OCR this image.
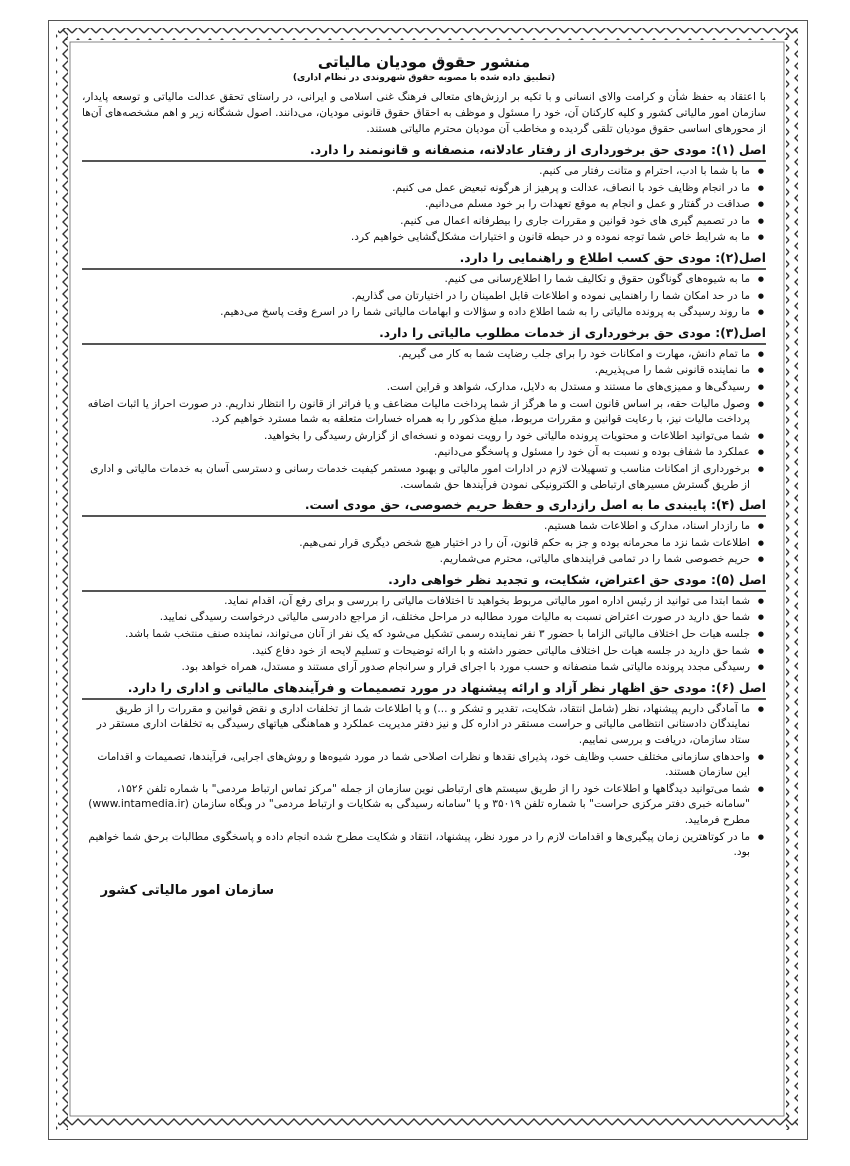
منشور حقوق مودیان مالیاتی

(تطبیق داده شده با مصوبه حقوق شهروندی در نظام اداری)

با اعتقاد به حفظ شأن و کرامت والای انسانی و با تکیه بر ارزش‌های متعالی فرهنگ غنی اسلامی و ایرانی، در راستای تحقق عدالت مالیاتی و توسعه پایدار، سازمان امور مالیاتی کشور و کلیه کارکنان آن، خود را مسئول و موظف به احقاق حقوق قانونی مودیان، می‌دانند. اصول ششگانه زیر و اهم مشخصه‌های آن‌ها از محورهای اساسی حقوق مودیان تلقی گردیده و مخاطب آن مودیان محترم مالیاتی هستند.

اصل (۱): مودی حق برخورداری از رفتار عادلانه، منصفانه و قانونمند را دارد.
● ما با شما با ادب، احترام و متانت رفتار می کنیم.
● ما در انجام وظایف خود با انصاف، عدالت و پرهیز از هرگونه تبعیض عمل می کنیم.
● صداقت در گفتار و عمل و انجام به موقع تعهدات را بر خود مسلم می‌دانیم.
● ما در تصمیم گیری های خود قوانین و مقررات جاری را بیطرفانه اعمال می کنیم.
● ما به شرایط خاص شما توجه نموده و در حیطه قانون و اختیارات مشکل‌گشایی خواهیم کرد.
اصل(۲): مودی حق کسب اطلاع و راهنمایی را دارد.
● ما به شیوه‌های گوناگون حقوق و تکالیف شما را اطلاع‌رسانی می کنیم.
● ما در حد امکان شما را راهنمایی نموده و اطلاعات قابل اطمینان را در اختیارتان می گذاریم.
● ما روند رسیدگی به پرونده مالیاتی را به شما اطلاع داده و سؤالات و ابهامات مالیاتی شما را در اسرع وقت پاسخ می‌دهیم.
اصل(۳): مودی حق برخورداری از خدمات مطلوب مالیاتی را دارد.
● ما تمام دانش، مهارت و امکانات خود را برای جلب رضایت شما به کار می گیریم.
● ما نماینده قانونی شما را می‌پذیریم.
● رسیدگی‌ها و ممیزی‌های ما مستند و مستدل به دلایل، مدارک، شواهد و قراین است.
● وصول مالیات حقه، بر اساس قانون است و ما هرگز از شما پرداخت مالیات مضاعف و یا فراتر از قانون را انتظار نداریم. در صورت احراز یا اثبات اضافه پرداخت مالیات نیز، با رعایت قوانین و مقررات مربوط، مبلغ مذکور را به همراه خسارات متعلقه به شما مسترد خواهیم کرد.
● شما می‌توانید اطلاعات و محتویات پرونده مالیاتی خود را رویت نموده و نسخه‌ای از گزارش رسیدگی را بخواهید.
● عملکرد ما شفاف بوده و نسبت به آن خود را مسئول و پاسخگو می‌دانیم.
● برخورداری از امکانات مناسب و تسهیلات لازم در ادارات امور مالیاتی و بهبود مستمر کیفیت خدمات رسانی و دسترسی آسان به خدمات مالیاتی و اداری از طریق گسترش مسیرهای ارتباطی و الکترونیکی نمودن فرآیندها حق شماست.
اصل (۴): پایبندی ما به اصل رازداری و حفظ حریم خصوصی، حق مودی است.
● ما رازدار اسناد، مدارک و اطلاعات شما هستیم.
● اطلاعات شما نزد ما محرمانه بوده و جز به حکم قانون، آن را در اختیار هیچ شخص دیگری قرار نمی‌هیم.
● حریم خصوصی شما را در تمامی فرایندهای مالیاتی، محترم می‌شماریم.
اصل (۵): مودی حق اعتراض، شکایت، و تجدید نظر خواهی دارد.
● شما ابتدا می توانید از رئیس اداره امور مالیاتی مربوط بخواهید تا اختلافات مالیاتی را بررسی و برای رفع آن، اقدام نماید.
● شما حق دارید در صورت اعتراض نسبت به مالیات مورد مطالبه در مراحل مختلف، از مراجع دادرسی مالیاتی درخواست رسیدگی نمایید.
● جلسه هیات حل اختلاف مالیاتی الزاما با حضور ۳ نفر نماینده رسمی تشکیل می‌شود که یک نفر از آنان می‌تواند، نماینده صنف منتخب شما باشد.
● شما حق دارید در جلسه هیات حل اختلاف مالیاتی حضور داشته و با ارائه توضیحات و تسلیم لایحه از خود دفاع کنید.
● رسیدگی مجدد پرونده مالیاتی شما منصفانه و حسب مورد با اجرای قرار و سرانجام صدور آرای مستند و مستدل، همراه خواهد بود.
اصل (۶): مودی حق اظهار نظر آزاد و ارائه پیشنهاد در مورد تصمیمات و فرآیندهای مالیاتی و اداری را دارد.
● ما آمادگی داریم پیشنهاد، نظر (شامل انتقاد، شکایت، تقدیر و تشکر و ...) و یا اطلاعات شما از تخلفات اداری و نقض قوانین و مقررات را از طریق نمایندگان دادستانی انتظامی مالیاتی و حراست مستقر در اداره کل و نیز دفتر مدیریت عملکرد و هماهنگی هیاتهای رسیدگی به تخلفات اداری مستقر در ستاد سازمان، دریافت و بررسی نماییم.
● واحدهای سازمانی مختلف حسب وظایف خود، پذیرای نقدها و نظرات اصلاحی شما در مورد شیوه‌ها و روش‌های اجرایی، فرآیندها، تصمیمات و اقدامات این سازمان هستند.
● شما می‌توانید دیدگاهها و اطلاعات خود را از طریق سیستم های ارتباطی نوین سازمان از جمله "مرکز تماس ارتباط مردمی" با شماره تلفن ۱۵۲۶، "سامانه خبری دفتر مرکزی حراست" با شماره تلفن ۳۵۰۱۹ و یا "سامانه رسیدگی به شکایات و ارتباط مردمی" در وبگاه سازمان (www.intamedia.ir) مطرح فرمایید.
● ما در کوتاهترین زمان پیگیری‌ها و اقدامات لازم را در مورد نظر، پیشنهاد، انتقاد و شکایت مطرح شده انجام داده و پاسخگوی مطالبات برحق شما خواهیم بود.
سازمان امور مالیاتی کشور
